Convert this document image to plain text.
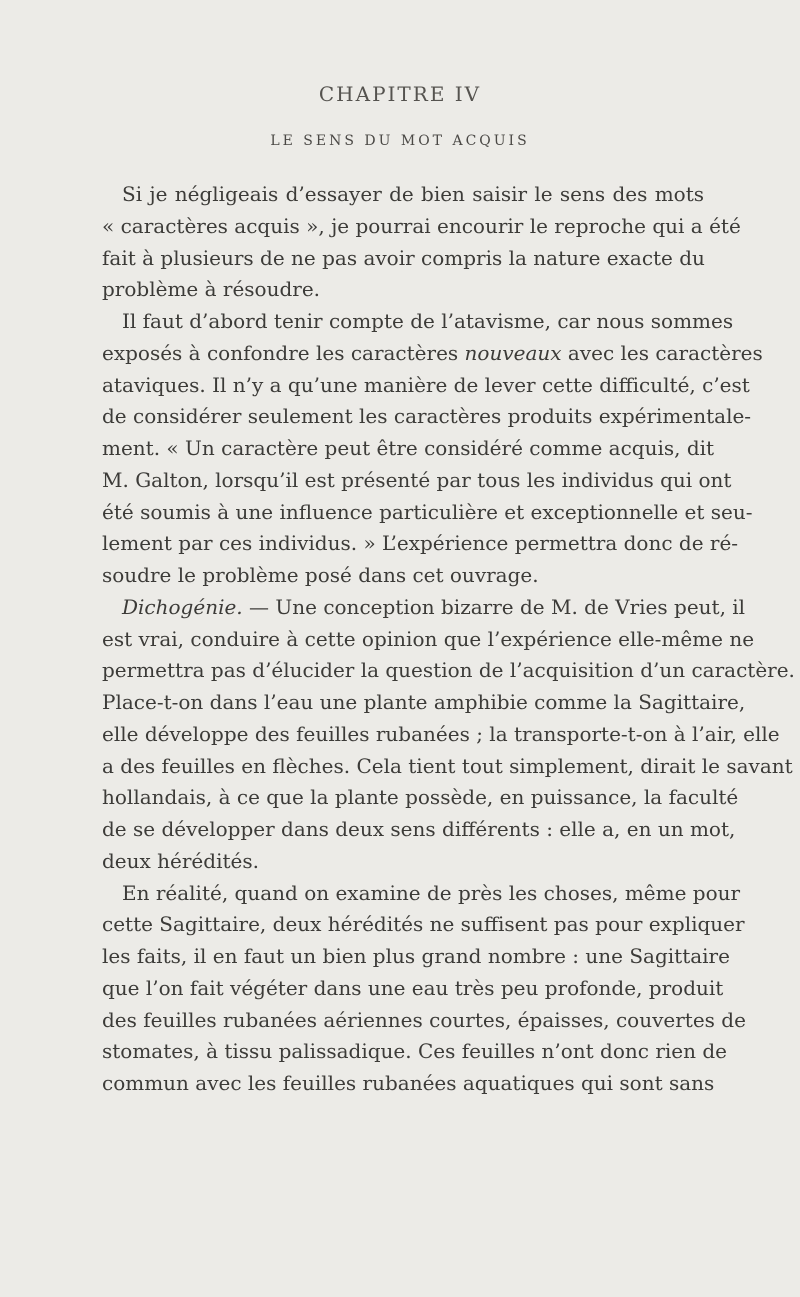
CHAPITRE IV
LE SENS DU MOT ACQUIS
Si je négligeais d’essayer de bien saisir le sens des mots
« caractères acquis », je pourrai encourir le reproche qui a été
fait à plusieurs de ne pas avoir compris la nature exacte du
problème à résoudre.
Il faut d’abord tenir compte de l’atavisme, car nous sommes
exposés à confondre les caractères nouveaux avec les caractères
ataviques. Il n’y a qu’une manière de lever cette difficulté, c’est
de considérer seulement les caractères produits expérimentale-
ment. « Un caractère peut être considéré comme acquis, dit
M. Galton, lorsqu’il est présenté par tous les individus qui ont
été soumis à une influence particulière et exceptionnelle et seu-
lement par ces individus. » L’expérience permettra donc de ré-
soudre le problème posé dans cet ouvrage.
Dichogénie. — Une conception bizarre de M. de Vries peut, il
est vrai, conduire à cette opinion que l’expérience elle-même ne
permettra pas d’élucider la question de l’acquisition d’un caractère.
Place-t-on dans l’eau une plante amphibie comme la Sagittaire,
elle développe des feuilles rubanées ; la transporte-t-on à l’air, elle
a des feuilles en flèches. Cela tient tout simplement, dirait le savant
hollandais, à ce que la plante possède, en puissance, la faculté
de se développer dans deux sens différents : elle a, en un mot,
deux hérédités.
En réalité, quand on examine de près les choses, même pour
cette Sagittaire, deux hérédités ne suffisent pas pour expliquer
les faits, il en faut un bien plus grand nombre : une Sagittaire
que l’on fait végéter dans une eau très peu profonde, produit
des feuilles rubanées aériennes courtes, épaisses, couvertes de
stomates, à tissu palissadique. Ces feuilles n’ont donc rien de
commun avec les feuilles rubanées aquatiques qui sont sans
